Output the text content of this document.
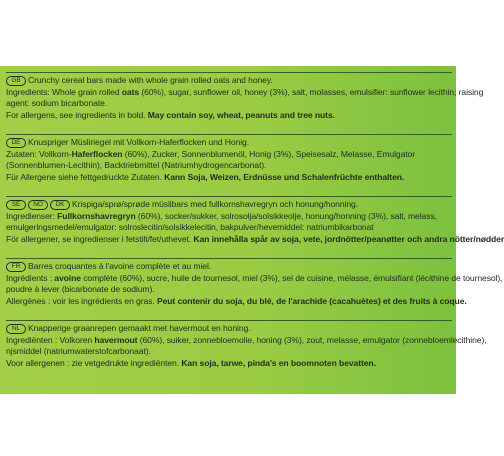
GB Crunchy cereal bars made with whole grain rolled oats and honey.
Ingredients: Whole grain rolled oats (60%), sugar, sunflower oil, honey (3%), salt, molasses, emulsifier: sunflower lecithin; raising
agent: sodium bicarbonate.
For allergens, see ingredients in bold. May contain soy, wheat, peanuts and tree nuts.
DE Knuspriger Müsliriegel mit Vollkorn-Haferflocken und Honig.
Zutaten: Vollkorn-Haferflocken (60%), Zucker, Sonnenblumenöl, Honig (3%), Speisesalz, Melasse, Emulgator
(Sonnenblumen-Lecithin), Backtriebmittel (Natriumhydrogencarbonat).
Für Allergene siehe fettgedruckte Zutaten. Kann Soja, Weizen, Erdnüsse und Schalenfrüchte enthalten.
SE NO DK Krispiga/sprø/sprøde müslibars med fullkornshavregryn och honung/honning.
Ingredienser: Fullkornshavregryn (60%), socker/sukker, solrosolja/solsikkeolje, honung/honning (3%), salt, melass,
emulgeringsmedel/emulgator: solroslecitin/solsikkelecitin, bakpulver/hevemiddel: natriumbikarbonat
För allergener, se ingredienser i fetstilt/fet/uthevet. Kan innehålla spår av soja, vete, jordnötter/peanøtter och andra nötter/nødder
FR Barres croquantes à l'avoine complète et au miel.
Ingrédients : avoine complète (60%), sucre, huile de tournesol, miel (3%), sel de cuisine, mélasse, émulsifiant (lécithine de tournesol),
poudre à lever (bicarbonate de sodium).
Allergènes : voir les ingrédients en gras. Peut contenir du soja, du blé, de l'arachide (cacahuètes) et des fruits à coque.
NL Knapperige graanrepen gemaakt met havermout en honing.
Ingrediënten : Volkoren havermout (60%), suiker, zonnebloemolie, honing (3%), zout, melasse, emulgator (zonnebloemlecithine),
njsmiddel (natriumwaterstofcarbonaat).
Voor allergenen : zie vetgedrukte ingrediënten. Kan soja, tarwe, pinda's en boomnoten bevatten.
